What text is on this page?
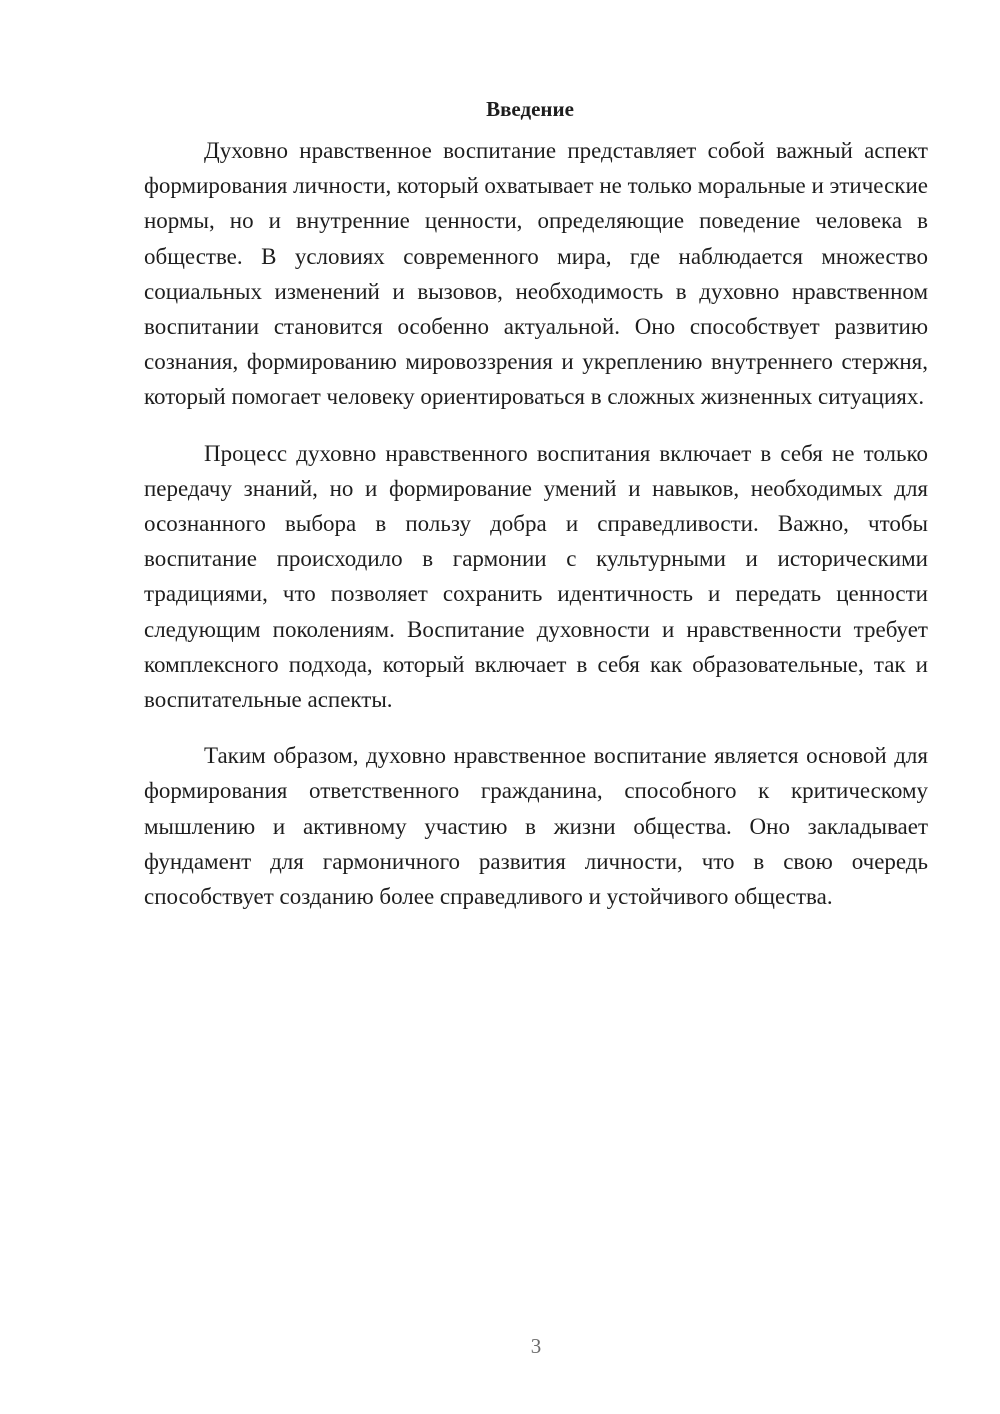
Введение

Духовно нравственное воспитание представляет собой важный аспект формирования личности, который охватывает не только моральные и этические нормы, но и внутренние ценности, определяющие поведение человека в обществе. В условиях современного мира, где наблюдается множество социальных изменений и вызовов, необходимость в духовно нравственном воспитании становится особенно актуальной. Оно способствует развитию сознания, формированию мировоззрения и укреплению внутреннего стержня, который помогает человеку ориентироваться в сложных жизненных ситуациях.

Процесс духовно нравственного воспитания включает в себя не только передачу знаний, но и формирование умений и навыков, необходимых для осознанного выбора в пользу добра и справедливости. Важно, чтобы воспитание происходило в гармонии с культурными и историческими традициями, что позволяет сохранить идентичность и передать ценности следующим поколениям. Воспитание духовности и нравственности требует комплексного подхода, который включает в себя как образовательные, так и воспитательные аспекты.

Таким образом, духовно нравственное воспитание является основой для формирования ответственного гражданина, способного к критическому мышлению и активному участию в жизни общества. Оно закладывает фундамент для гармоничного развития личности, что в свою очередь способствует созданию более справедливого и устойчивого общества.

3
